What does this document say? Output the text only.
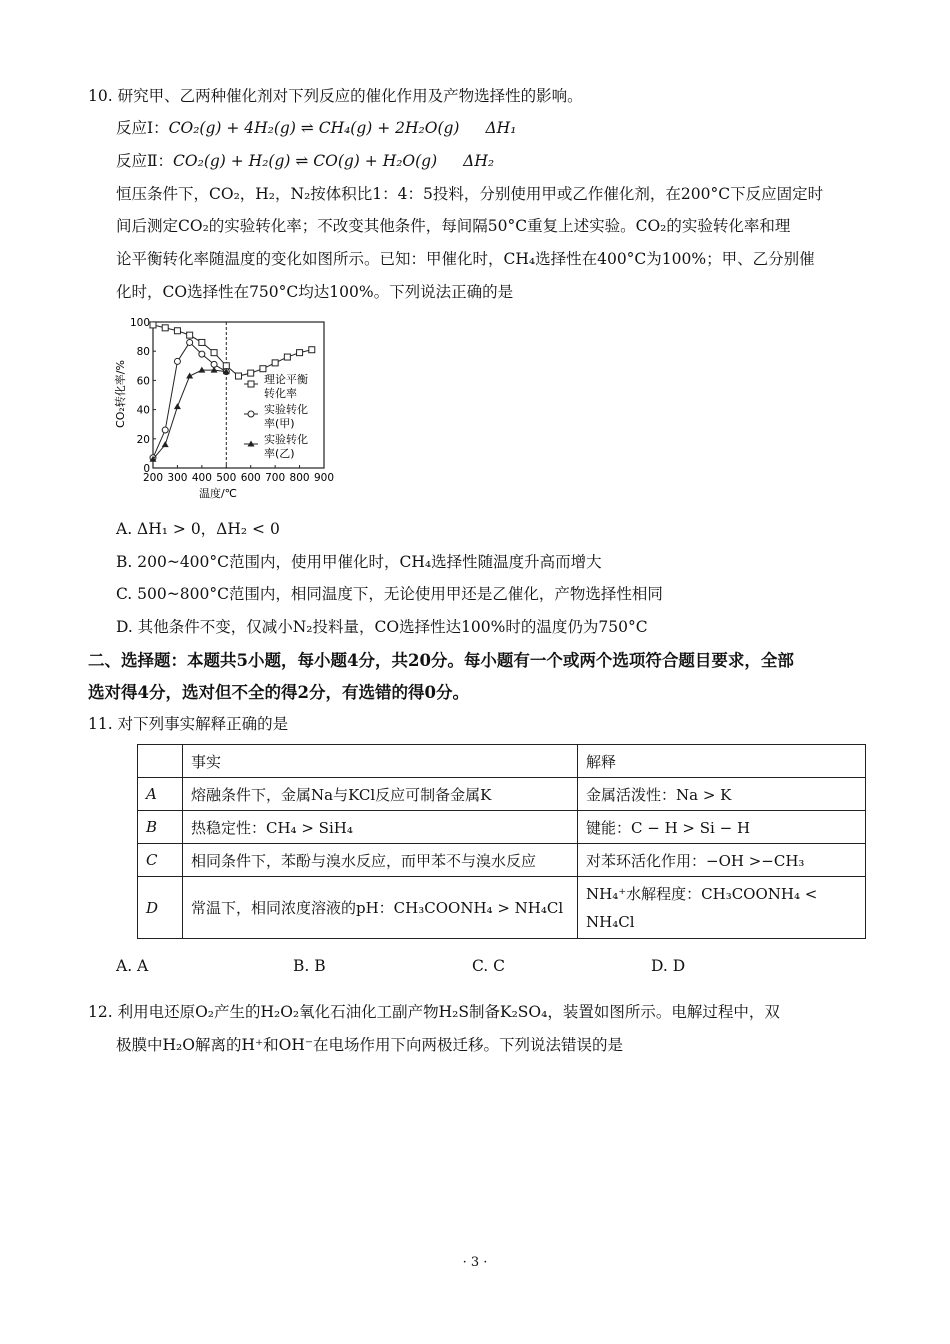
10. 研究甲、乙两种催化剂对下列反应的催化作用及产物选择性的影响。
反应Ⅰ：CO₂(g) + 4H₂(g) ⇌ CH₄(g) + 2H₂O(g) ΔH₁
反应Ⅱ：CO₂(g) + H₂(g) ⇌ CO(g) + H₂O(g) ΔH₂
恒压条件下，CO₂，H₂，N₂按体积比1：4：5投料，分别使用甲或乙作催化剂，在200°C下反应固定时
间后测定CO₂的实验转化率；不改变其他条件，每间隔50°C重复上述实验。CO₂的实验转化率和理
论平衡转化率随温度的变化如图所示。已知：甲催化时，CH₄选择性在400°C为100%；甲、乙分别催
化时，CO选择性在750°C均达100%。下列说法正确的是
200 300 400 500 600 700 800 900
0
20
40
60
80
100
理论平衡
转化率
实验转化
率(甲)
实验转化
率(乙)
温度/℃
CO₂转化率/%
A. ΔH₁ > 0，ΔH₂ < 0
B. 200~400°C范围内，使用甲催化时，CH₄选择性随温度升高而增大
C. 500~800°C范围内，相同温度下，无论使用甲还是乙催化，产物选择性相同
D. 其他条件不变，仅减小N₂投料量，CO选择性达100%时的温度仍为750°C
二、选择题：本题共5小题，每小题4分，共20分。每小题有一个或两个选项符合题目要求，全部
选对得4分，选对但不全的得2分，有选错的得0分。
11. 对下列事实解释正确的是
	事实	解释
A	熔融条件下，金属Na与KCl反应可制备金属K	金属活泼性：Na > K
B	热稳定性：CH₄ > SiH₄	键能：C − H > Si − H
C	相同条件下，苯酚与溴水反应，而甲苯不与溴水反应	对苯环活化作用：−OH >−CH₃
D	常温下，相同浓度溶液的pH：CH₃COONH₄ > NH₄Cl	NH₄⁺水解程度：CH₃COONH₄ < NH₄Cl
A. A	B. B	C. C	D. D
12. 利用电还原O₂产生的H₂O₂氧化石油化工副产物H₂S制备K₂SO₄，装置如图所示。电解过程中，双
极膜中H₂O解离的H⁺和OH⁻在电场作用下向两极迁移。下列说法错误的是
· 3 ·
